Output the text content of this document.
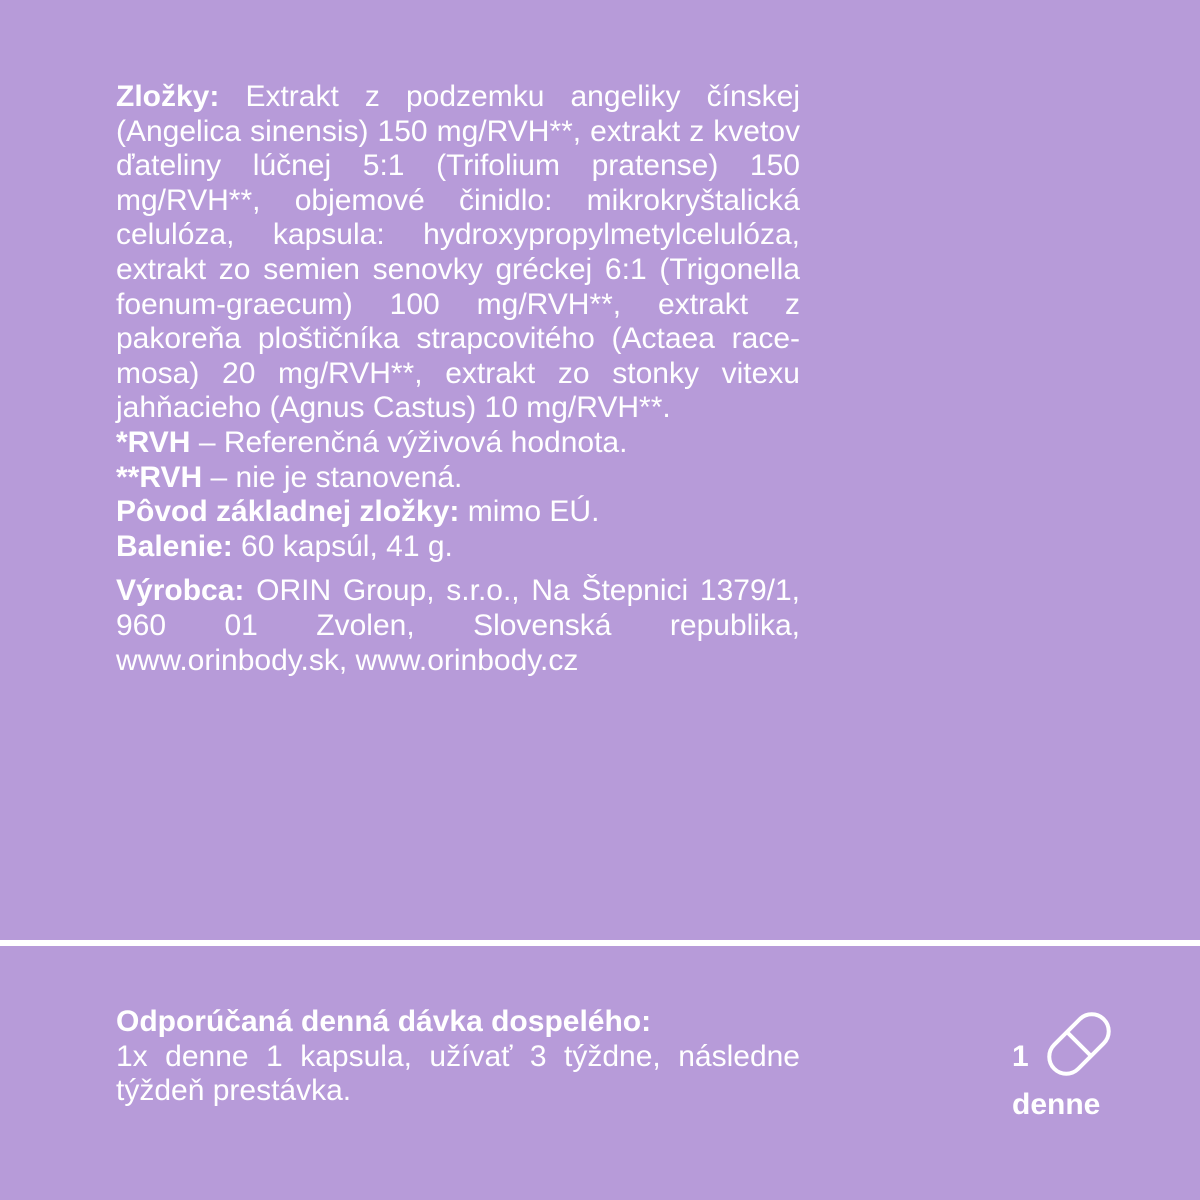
Zložky: Extrakt z podzemku angeliky čínskej (Angelica sinensis) 150 mg/RVH**, extrakt z kvetov ďateliny lúčnej 5:1 (Trifolium pratense) 150 mg/RVH**, objemové činidlo: mikrokryštalická celulóza, kapsula: hydroxypropylmetylcelulóza, extrakt zo semien senovky gréckej 6:1 (Trigonella foenum-graecum) 100 mg/RVH**, extrakt z pakoreňa ploštičníka strapcovitého (Actaea racemosa) 20 mg/RVH**, extrakt zo stonky vitexu jahňacieho (Agnus Castus) 10 mg/RVH**.

*RVH – Referenčná výživová hodnota.

**RVH – nie je stanovená.

Pôvod základnej zložky: mimo EÚ.

Balenie: 60 kapsúl, 41 g.

Výrobca: ORIN Group, s.r.o., Na Štepnici 1379/1, 960 01 Zvolen, Slovenská republika, www.orinbody.sk, www.orinbody.cz

Odporúčaná denná dávka dospelého:
1x denne 1 kapsula, užívať 3 týždne, následne týždeň prestávka.

1
denne
